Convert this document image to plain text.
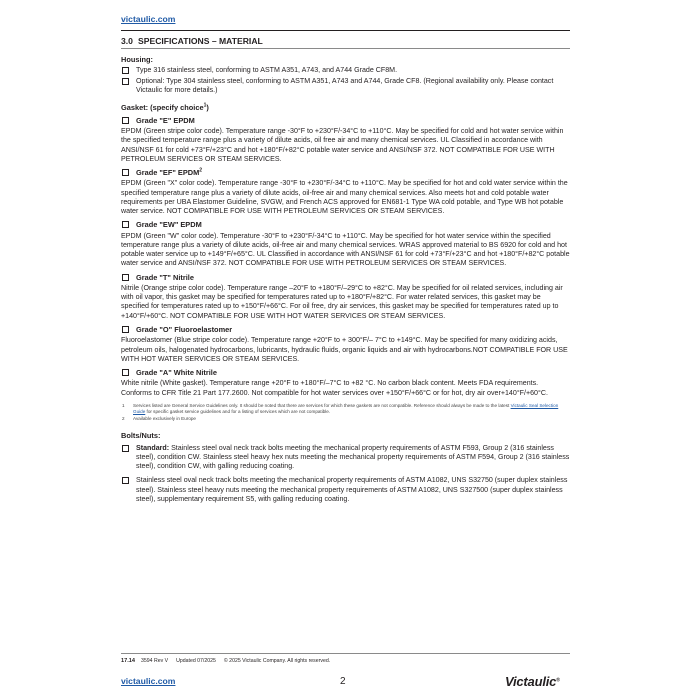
victaulic.com
3.0 SPECIFICATIONS – MATERIAL
Housing:
Type 316 stainless steel, conforming to ASTM A351, A743, and A744 Grade CF8M.
Optional: Type 304 stainless steel, conforming to ASTM A351, A743 and A744, Grade CF8. (Regional availability only. Please contact Victaulic for more details.)
Gasket: (specify choice$^1$)
Grade "E" EPDM
EPDM (Green stripe color code). Temperature range -30°F to +230°F/-34°C to +110°C. May be specified for cold and hot water service within the specified temperature range plus a variety of dilute acids, oil free air and many chemical services. UL Classified in accordance with ANSI/NSF 61 for cold +73°F/+23°C and hot +180°F/+82°C potable water service and ANSI/NSF 372. NOT COMPATIBLE FOR USE WITH PETROLEUM SERVICES OR STEAM SERVICES.
Grade "EF" EPDM$^2$
EPDM (Green "X" color code). Temperature range -30°F to +230°F/-34°C to +110°C. May be specified for hot and cold water service within the specified temperature range plus a variety of dilute acids, oil-free air and many chemical services. Also meets hot and cold potable water requirements per UBA Elastomer Guideline, SVGW, and French ACS approved for EN681-1 Type WA cold potable, and Type WB hot potable water service. NOT COMPATIBLE FOR USE WITH PETROLEUM SERVICES OR STEAM SERVICES.
Grade "EW" EPDM
EPDM (Green "W" color code). Temperature -30°F to +230°F/-34°C to +110°C. May be specified for hot water service within the specified temperature range plus a variety of dilute acids, oil-free air and many chemical services. WRAS approved material to BS 6920 for cold and hot potable water service up to +149°F/+65°C. UL Classified in accordance with ANSI/NSF 61 for cold +73°F/+23°C and hot +180°F/+82°C potable water service and ANSI/NSF 372. NOT COMPATIBLE FOR USE WITH PETROLEUM SERVICES OR STEAM SERVICES.
Grade "T" Nitrile
Nitrile (Orange stripe color code). Temperature range –20°F to +180°F/–29°C to +82°C. May be specified for oil related services, including air with oil vapor, this gasket may be specified for temperatures rated up to +180°F/+82°C. For water related services, this gasket may be specified for temperatures rated up to +150°F/+66°C. For oil free, dry air services, this gasket may be specified for temperatures rated up to +140°F/+60°C. NOT COMPATIBLE FOR USE WITH HOT WATER SERVICES OR STEAM SERVICES.
Grade "O" Fluoroelastomer
Fluoroelastomer (Blue stripe color code). Temperature range +20°F to + 300°F/– 7°C to +149°C. May be specified for many oxidizing acids, petroleum oils, halogenated hydrocarbons, lubricants, hydraulic fluids, organic liquids and air with hydrocarbons.NOT COMPATIBLE FOR USE WITH HOT WATER SERVICES OR STEAM SERVICES.
Grade "A" White Nitrile
White nitrile (White gasket). Temperature range +20°F to +180°F/–7°C to +82 °C. No carbon black content. Meets FDA requirements. Conforms to CFR Title 21 Part 177.2600. Not compatible for hot water services over +150°F/+66°C or for hot, dry air over+140°F/+60°C.
1 Services listed are General Service Guidelines only. It should be noted that there are services for which these gaskets are not compatible. Reference should always be made to the latest Victaulic Seal Selection Guide for specific gasket service guidelines and for a listing of services which are not compatible.
2 Available exclusively in Europe
Bolts/Nuts:
Standard: Stainless steel oval neck track bolts meeting the mechanical property requirements of ASTM F593, Group 2 (316 stainless steel), condition CW. Stainless steel heavy hex nuts meeting the mechanical property requirements of ASTM F594, Group 2 (316 stainless steel), condition CW, with galling reducing coating.
Stainless steel oval neck track bolts meeting the mechanical property requirements of ASTM A1082, UNS S32750 (super duplex stainless steel). Stainless steel heavy nuts meeting the mechanical property requirements of ASTM A1082, UNS S327500 (super duplex stainless steel), supplementary requirement S5, with galling reducing coating.
17.14 3594 Rev V Updated 07/2025 © 2025 Victaulic Company. All rights reserved.
victaulic.com	2	Victaulic®
